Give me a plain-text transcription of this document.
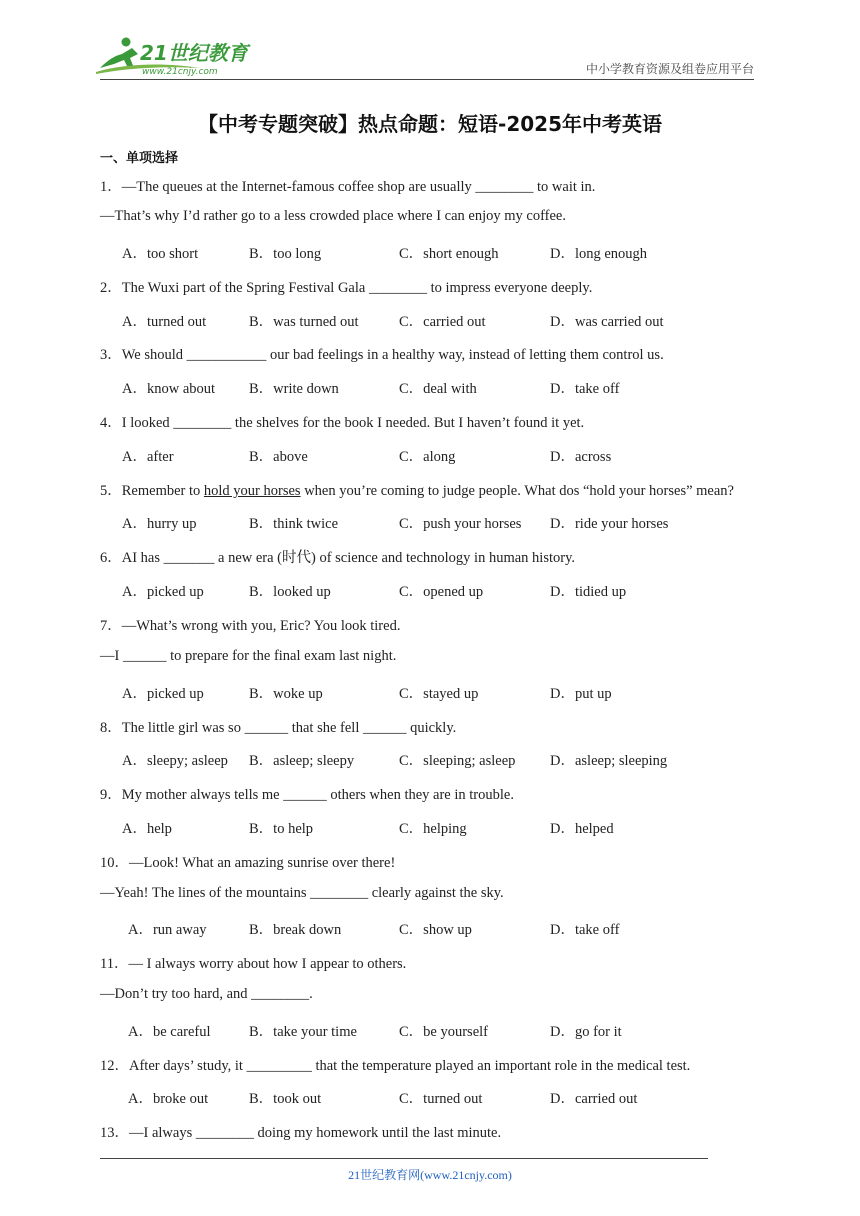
21世纪教育
www.21cnjy.com	中小学教育资源及组卷应用平台
【中考专题突破】热点命题：短语-2025年中考英语
一、单项选择
1．—The queues at the Internet-famous coffee shop are usually ________ to wait in.
—That’s why I’d rather go to a less crowded place where I can enjoy my coffee.
A．too short	B．too long	C．short enough	D．long enough
2．The Wuxi part of the Spring Festival Gala ________ to impress everyone deeply.
A．turned out	B．was turned out	C．carried out	D．was carried out
3．We should ___________ our bad feelings in a healthy way, instead of letting them control us.
A．know about B．write down	C．deal with	D．take off
4．I looked ________ the shelves for the book I needed. But I haven’t found it yet.
A．after	B．above	C．along	D．across
5．Remember to hold your horses when you’re coming to judge people. What dos “hold your horses” mean?
A．hurry up	B．think twice	C．push your horses D．ride your horses
6．AI has _______ a new era (时代) of science and technology in human history.
A．picked up	B．looked up	C．opened up	D．tidied up
7．—What’s wrong with you, Eric? You look tired.
—I ______ to prepare for the final exam last night.
A．picked up	B．woke up	C．stayed up	D．put up
8．The little girl was so ______ that she fell ______ quickly.
A．sleepy; asleep B．asleep; sleepy	C．sleeping; asleep D．asleep; sleeping
9．My mother always tells me ______ others when they are in trouble.
A．help	B．to help	C．helping	D．helped
10．—Look! What an amazing sunrise over there!
—Yeah! The lines of the mountains ________ clearly against the sky.
A．run away	B．break down	C．show up	D．take off
11．— I always worry about how I appear to others.
—Don’t try too hard, and ________.
A．be careful	B．take your time	C．be yourself	D．go for it
12．After days’ study, it _________ that the temperature played an important role in the medical test.
A．broke out	B．took out	C．turned out	D．carried out
13．—I always ________ doing my homework until the last minute.
21世纪教育网(www.21cnjy.com)
